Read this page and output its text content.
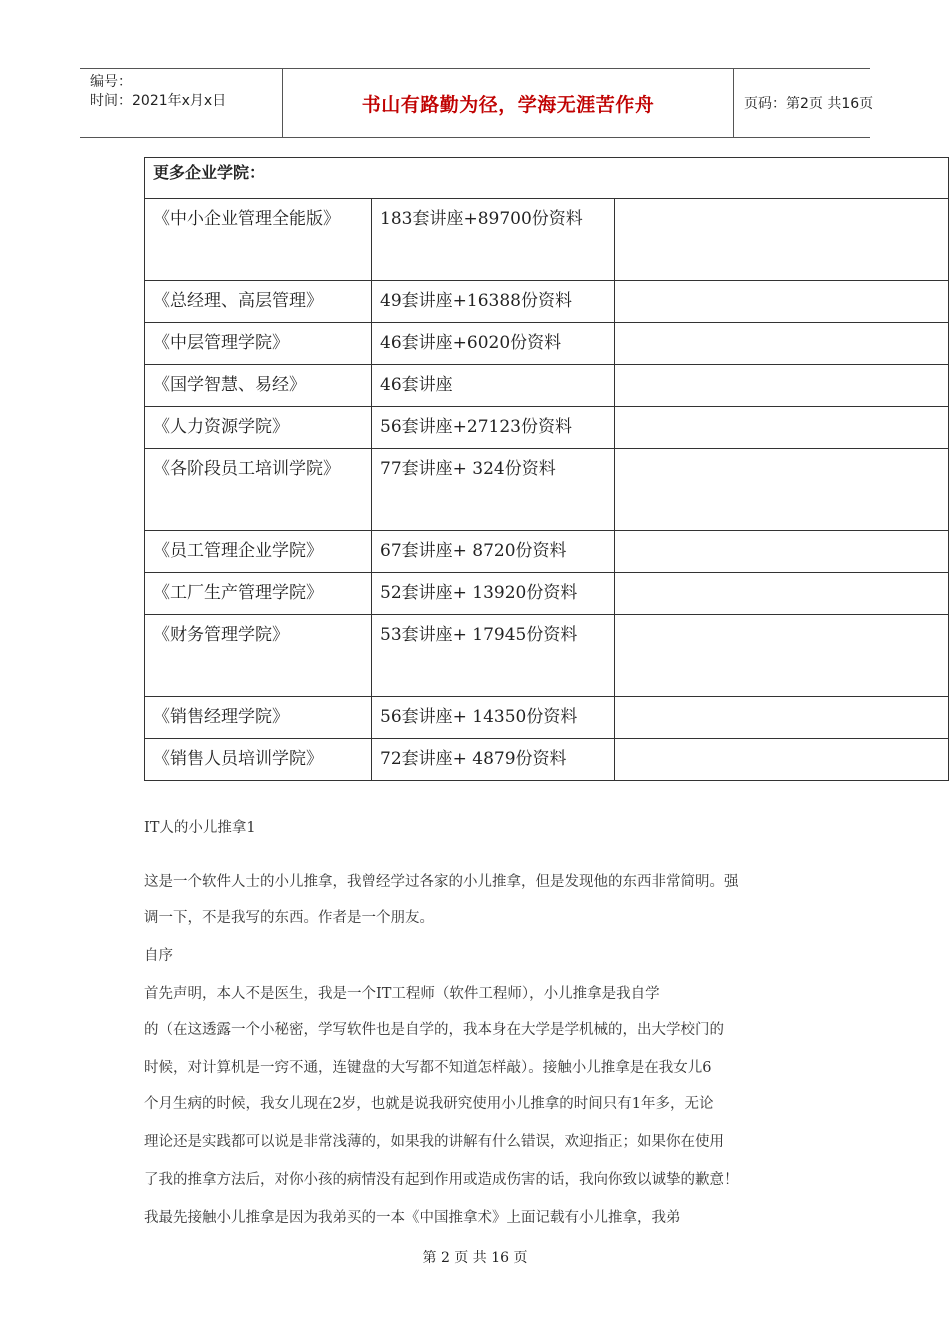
编号：
时间：2021年x月x日	书山有路勤为径，学海无涯苦作舟	页码：第2页 共16页
更多企业学院：		
《中小企业管理全能版》	183套讲座+89700份资料	
《总经理、高层管理》	49套讲座+16388份资料	
《中层管理学院》	46套讲座+6020份资料	
《国学智慧、易经》	46套讲座	
《人力资源学院》	56套讲座+27123份资料	
《各阶段员工培训学院》	77套讲座+ 324份资料	
《员工管理企业学院》	67套讲座+ 8720份资料	
《工厂生产管理学院》	52套讲座+ 13920份资料	
《财务管理学院》	53套讲座+ 17945份资料	
《销售经理学院》	56套讲座+ 14350份资料	
《销售人员培训学院》	72套讲座+ 4879份资料	
IT人的小儿推拿1
这是一个软件人士的小儿推拿，我曾经学过各家的小儿推拿，但是发现他的东西非常简明。强
调一下，不是我写的东西。作者是一个朋友。
自序
首先声明，本人不是医生，我是一个IT工程师（软件工程师），小儿推拿是我自学
的（在这透露一个小秘密，学写软件也是自学的，我本身在大学是学机械的，出大学校门的
时候，对计算机是一窍不通，连键盘的大写都不知道怎样敲）。接触小儿推拿是在我女儿6
个月生病的时候，我女儿现在2岁，也就是说我研究使用小儿推拿的时间只有1年多，无论
理论还是实践都可以说是非常浅薄的，如果我的讲解有什么错误，欢迎指正；如果你在使用
了我的推拿方法后，对你小孩的病情没有起到作用或造成伤害的话，我向你致以诚挚的歉意！
我最先接触小儿推拿是因为我弟买的一本《中国推拿术》上面记载有小儿推拿，我弟
第 2 页 共 16 页
